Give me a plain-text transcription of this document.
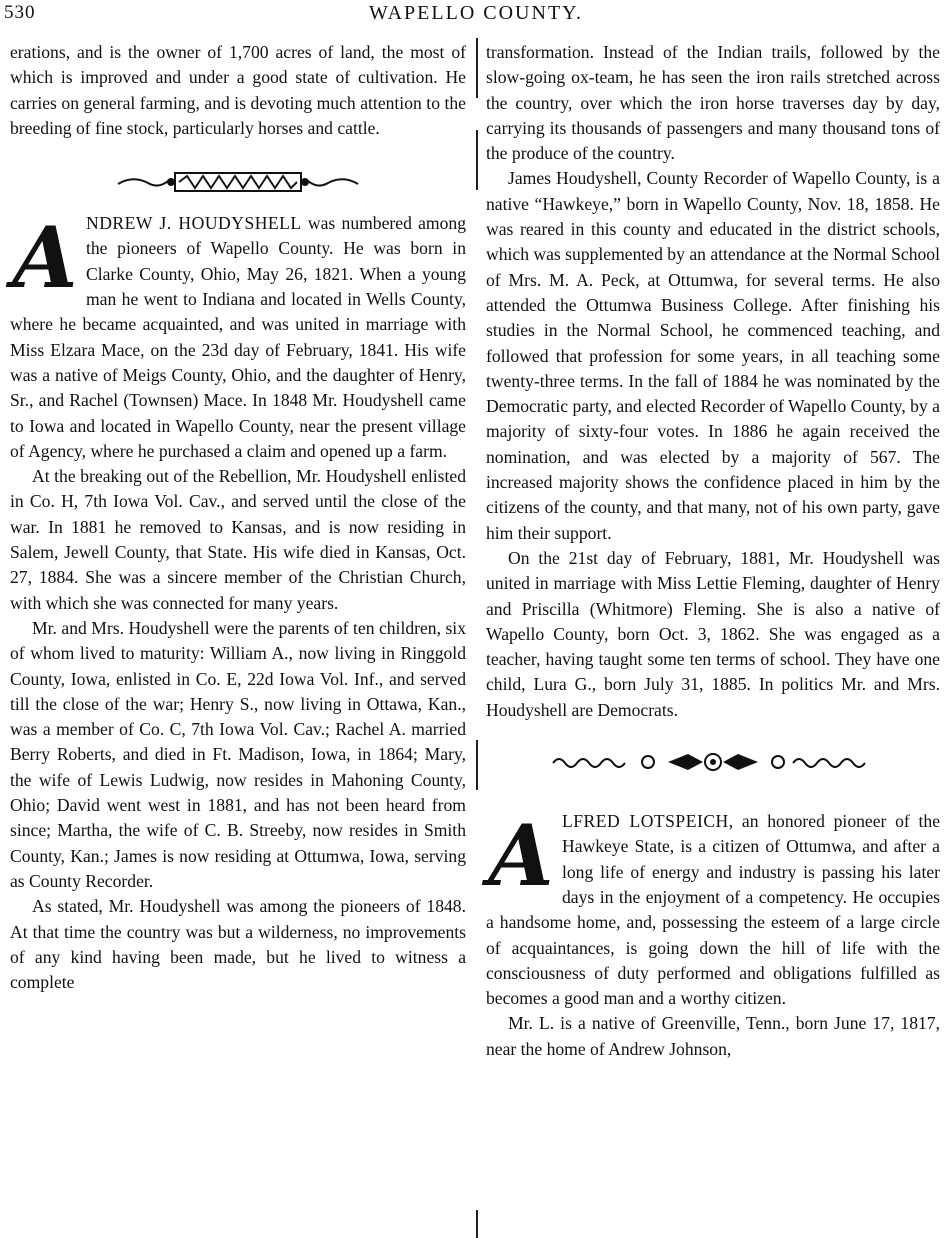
530	WAPELLO COUNTY.

erations, and is the owner of 1,700 acres of land, the most of which is improved and under a good state of cultivation. He carries on general farming, and is devoting much attention to the breeding of fine stock, particularly horses and cattle.

A NDREW J. HOUDYSHELL was numbered among the pioneers of Wapello County. He was born in Clarke County, Ohio, May 26, 1821. When a young man he went to Indiana and located in Wells County, where he became acquainted, and was united in marriage with Miss Elzara Mace, on the 23d day of February, 1841. His wife was a native of Meigs County, Ohio, and the daughter of Henry, Sr., and Rachel (Townsen) Mace. In 1848 Mr. Houdyshell came to Iowa and located in Wapello County, near the present village of Agency, where he purchased a claim and opened up a farm.

At the breaking out of the Rebellion, Mr. Houdyshell enlisted in Co. H, 7th Iowa Vol. Cav., and served until the close of the war. In 1881 he removed to Kansas, and is now residing in Salem, Jewell County, that State. His wife died in Kansas, Oct. 27, 1884. She was a sincere member of the Christian Church, with which she was connected for many years.

Mr. and Mrs. Houdyshell were the parents of ten children, six of whom lived to maturity: William A., now living in Ringgold County, Iowa, enlisted in Co. E, 22d Iowa Vol. Inf., and served till the close of the war; Henry S., now living in Ottawa, Kan., was a member of Co. C, 7th Iowa Vol. Cav.; Rachel A. married Berry Roberts, and died in Ft. Madison, Iowa, in 1864; Mary, the wife of Lewis Ludwig, now resides in Mahoning County, Ohio; David went west in 1881, and has not been heard from since; Martha, the wife of C. B. Streeby, now resides in Smith County, Kan.; James is now residing at Ottumwa, Iowa, serving as County Recorder.

As stated, Mr. Houdyshell was among the pioneers of 1848. At that time the country was but a wilderness, no improvements of any kind having been made, but he lived to witness a complete

transformation. Instead of the Indian trails, followed by the slow-going ox-team, he has seen the iron rails stretched across the country, over which the iron horse traverses day by day, carrying its thousands of passengers and many thousand tons of the produce of the country.

James Houdyshell, County Recorder of Wapello County, is a native “Hawkeye,” born in Wapello County, Nov. 18, 1858. He was reared in this county and educated in the district schools, which was supplemented by an attendance at the Normal School of Mrs. M. A. Peck, at Ottumwa, for several terms. He also attended the Ottumwa Business College. After finishing his studies in the Normal School, he commenced teaching, and followed that profession for some years, in all teaching some twenty-three terms. In the fall of 1884 he was nominated by the Democratic party, and elected Recorder of Wapello County, by a majority of sixty-four votes. In 1886 he again received the nomination, and was elected by a majority of 567. The increased majority shows the confidence placed in him by the citizens of the county, and that many, not of his own party, gave him their support.

On the 21st day of February, 1881, Mr. Houdyshell was united in marriage with Miss Lettie Fleming, daughter of Henry and Priscilla (Whitmore) Fleming. She is also a native of Wapello County, born Oct. 3, 1862. She was engaged as a teacher, having taught some ten terms of school. They have one child, Lura G., born July 31, 1885. In politics Mr. and Mrs. Houdyshell are Democrats.

A LFRED LOTSPEICH, an honored pioneer of the Hawkeye State, is a citizen of Ottumwa, and after a long life of energy and industry is passing his later days in the enjoyment of a competency. He occupies a handsome home, and, possessing the esteem of a large circle of acquaintances, is going down the hill of life with the consciousness of duty performed and obligations fulfilled as becomes a good man and a worthy citizen.

Mr. L. is a native of Greenville, Tenn., born June 17, 1817, near the home of Andrew Johnson,
